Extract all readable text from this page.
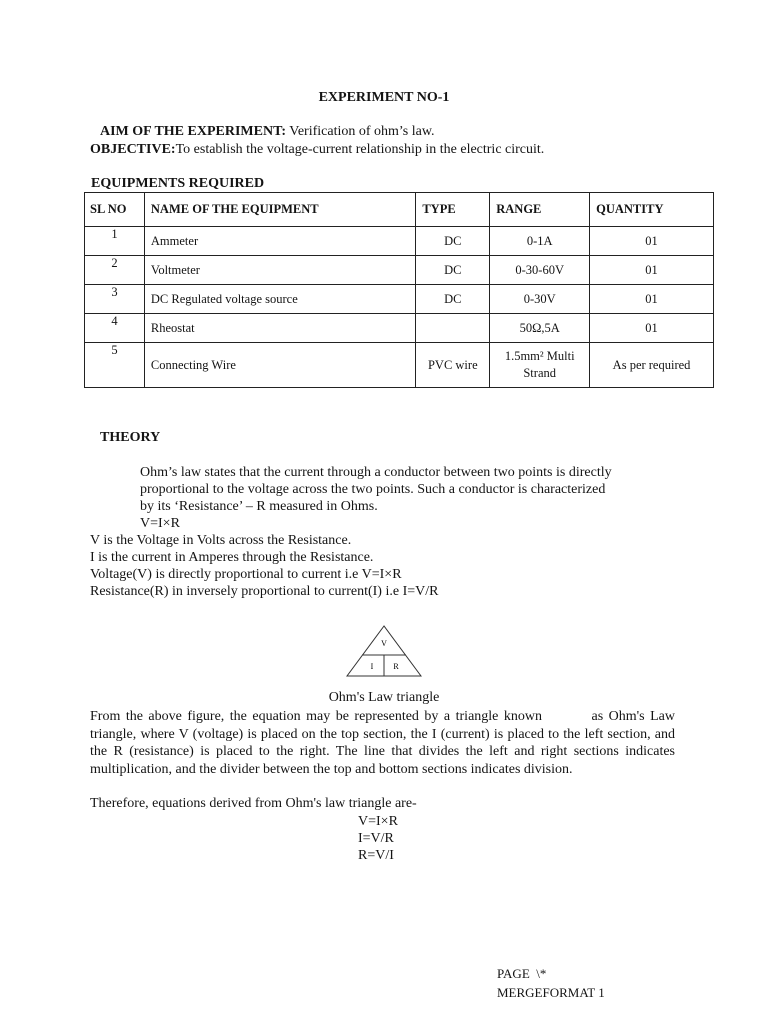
EXPERIMENT NO-1
AIM OF THE EXPERIMENT: Verification of ohm’s law.
OBJECTIVE:To establish the voltage-current relationship in the electric circuit.
EQUIPMENTS REQUIRED
SL NO	NAME OF THE EQUIPMENT	TYPE	RANGE	QUANTITY
1	Ammeter	DC	0-1A	01
2	Voltmeter	DC	0-30-60V	01
3	DC Regulated voltage source	DC	0-30V	01
4	Rheostat		50Ω,5A	01
5	Connecting Wire	PVC wire	1.5mm² Multi Strand	As per required
THEORY
Ohm’s law states that the current through a conductor between two points is directly
proportional to the voltage across the two points. Such a conductor is characterized
by its ‘Resistance’ – R measured in Ohms.
V=I×R
V is the Voltage in Volts across the Resistance.
I is the current in Amperes through the Resistance.
Voltage(V) is directly proportional to current i.e V=I×R
Resistance(R) in inversely proportional to current(I) i.e I=V/R
V
I R
Ohm's Law triangle
From the above figure, the equation may be represented by a triangle known         as Ohm's Law triangle, where V (voltage) is placed on the top section, the I (current) is placed to the left section, and the R (resistance) is placed to the right. The line that divides the left and right sections indicates multiplication, and the divider between the top and bottom sections indicates division.
Therefore, equations derived from Ohm's law triangle are-
V=I×R
I=V/R
R=V/I
PAGE  \*
MERGEFORMAT 1
